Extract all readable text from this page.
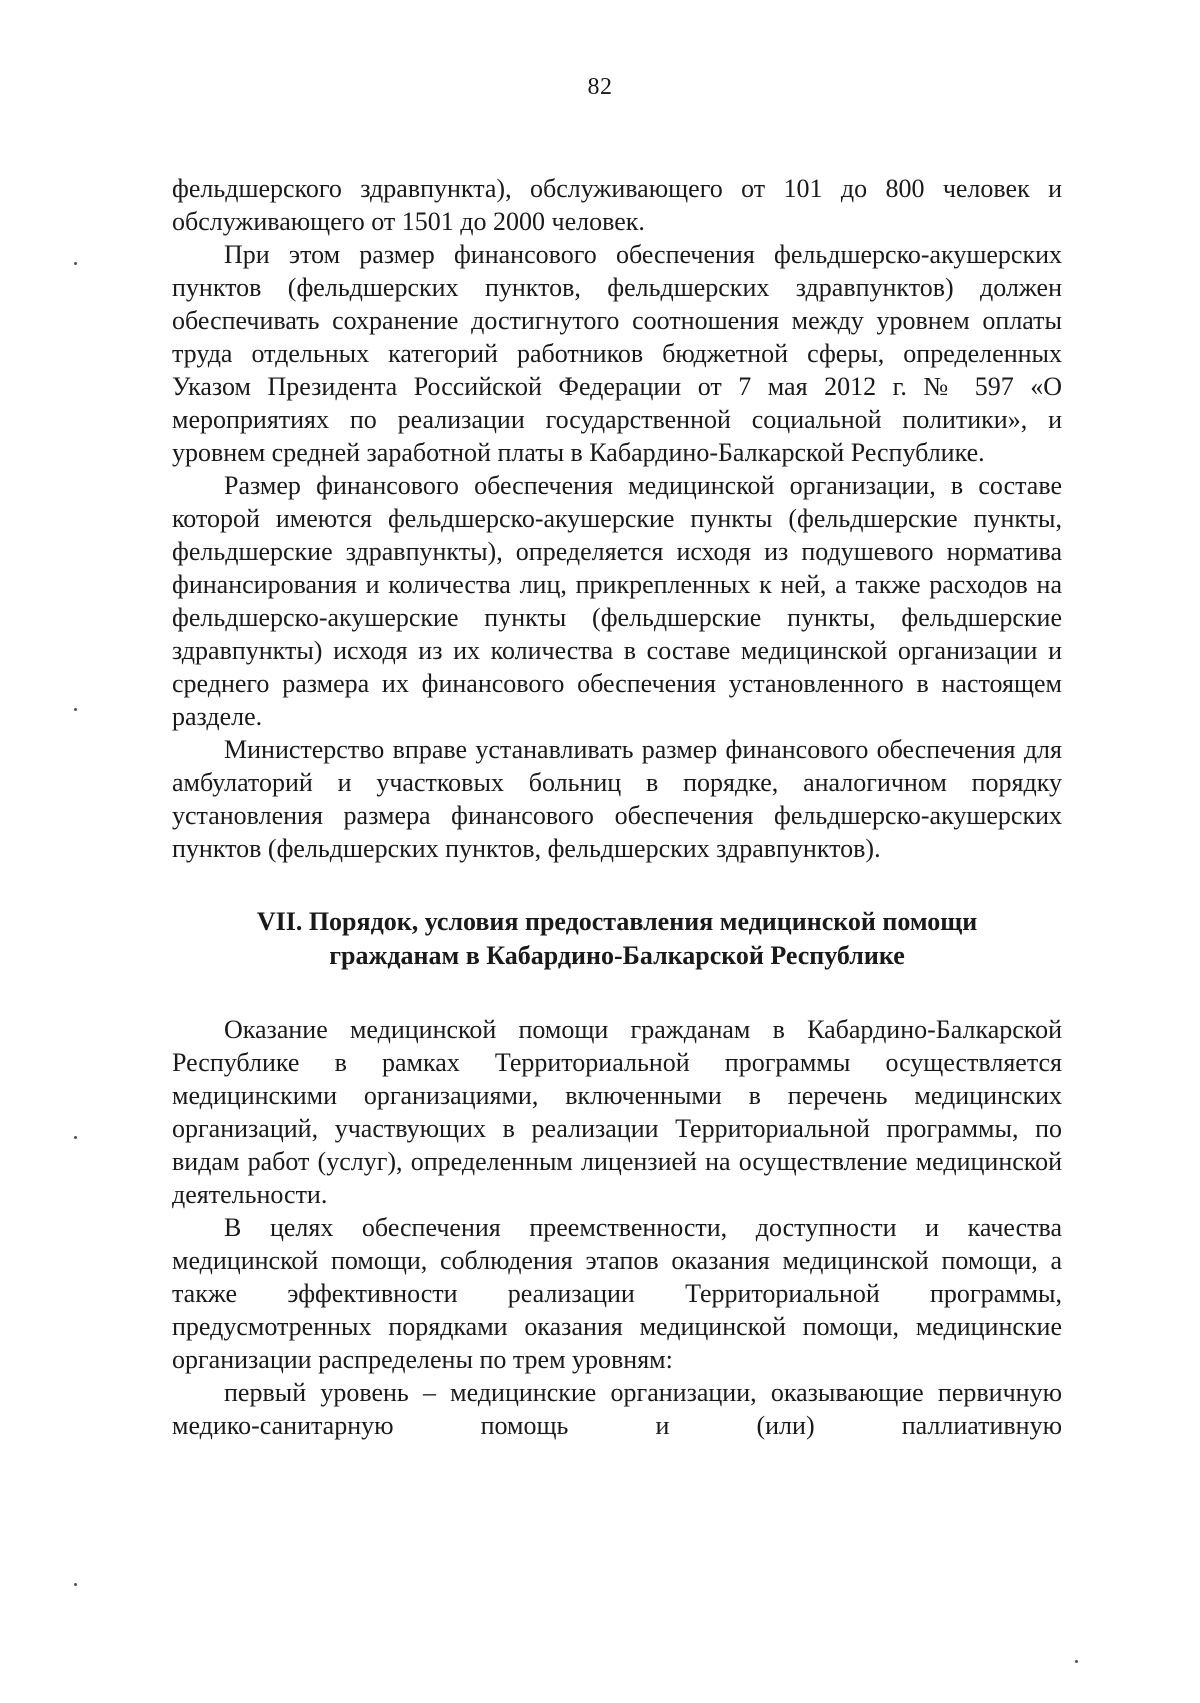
82

фельдшерского здравпункта), обслуживающего от 101 до 800 человек и обслуживающего от 1501 до 2000 человек.

При этом размер финансового обеспечения фельдшерско-акушерских пунктов (фельдшерских пунктов, фельдшерских здравпунктов) должен обеспечивать сохранение достигнутого соотношения между уровнем оплаты труда отдельных категорий работников бюджетной сферы, определенных Указом Президента Российской Федерации от 7 мая 2012 г. № 597 «О мероприятиях по реализации государственной социальной политики», и уровнем средней заработной платы в Кабардино-Балкарской Республике.

Размер финансового обеспечения медицинской организации, в составе которой имеются фельдшерско-акушерские пункты (фельдшерские пункты, фельдшерские здравпункты), определяется исходя из подушевого норматива финансирования и количества лиц, прикрепленных к ней, а также расходов на фельдшерско-акушерские пункты (фельдшерские пункты, фельдшерские здравпункты) исходя из их количества в составе медицинской организации и среднего размера их финансового обеспечения установленного в настоящем разделе.

Министерство вправе устанавливать размер финансового обеспечения для амбулаторий и участковых больниц в порядке, аналогичном порядку установления размера финансового обеспечения фельдшерско-акушерских пунктов (фельдшерских пунктов, фельдшерских здравпунктов).

VII. Порядок, условия предоставления медицинской помощи
гражданам в Кабардино-Балкарской Республике

Оказание медицинской помощи гражданам в Кабардино-Балкарской Республике в рамках Территориальной программы осуществляется медицинскими организациями, включенными в перечень медицинских организаций, участвующих в реализации Территориальной программы, по видам работ (услуг), определенным лицензией на осуществление медицинской деятельности.

В целях обеспечения преемственности, доступности и качества медицинской помощи, соблюдения этапов оказания медицинской помощи, а также эффективности реализации Территориальной программы, предусмотренных порядками оказания медицинской помощи, медицинские организации распределены по трем уровням:

первый уровень – медицинские организации, оказывающие первичную медико-санитарную помощь и (или) паллиативную
